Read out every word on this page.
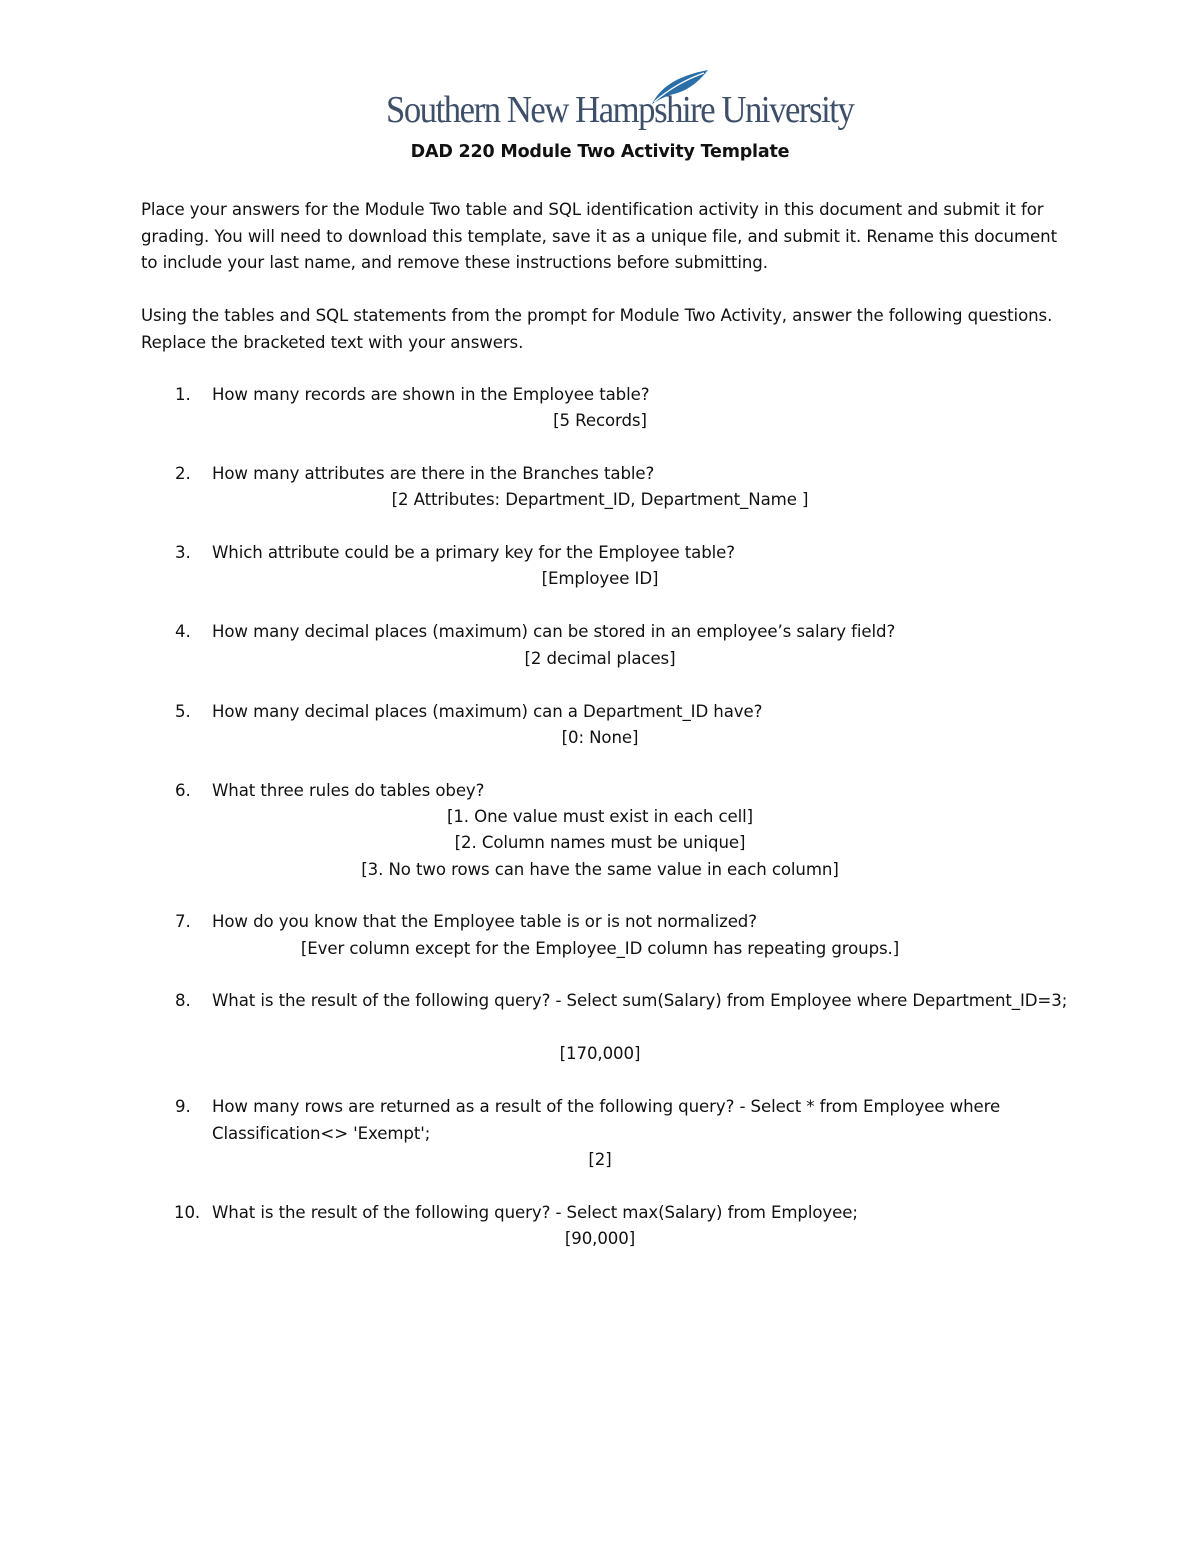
Southern New Hampshire University
DAD 220 Module Two Activity Template

Place your answers for the Module Two table and SQL identification activity in this document and submit it for grading. You will need to download this template, save it as a unique file, and submit it. Rename this document to include your last name, and remove these instructions before submitting.

Using the tables and SQL statements from the prompt for Module Two Activity, answer the following questions. Replace the bracketed text with your answers.

1.	How many records are shown in the Employee table?
[5 Records]
2.	How many attributes are there in the Branches table?
[2 Attributes: Department_ID, Department_Name ]
3.	Which attribute could be a primary key for the Employee table?
[Employee ID]
4.	How many decimal places (maximum) can be stored in an employee’s salary field?
[2 decimal places]
5.	How many decimal places (maximum) can a Department_ID have?
[0: None]
6.	What three rules do tables obey?
[1. One value must exist in each cell]
[2. Column names must be unique]
[3. No two rows can have the same value in each column]
7.	How do you know that the Employee table is or is not normalized?
[Ever column except for the Employee_ID column has repeating groups.]
8.	What is the result of the following query? - Select sum(Salary) from Employee where Department_ID=3;
[170,000]
9.	How many rows are returned as a result of the following query? - Select * from Employee where Classification<> 'Exempt';
[2]
10. What is the result of the following query? - Select max(Salary) from Employee;
[90,000]
